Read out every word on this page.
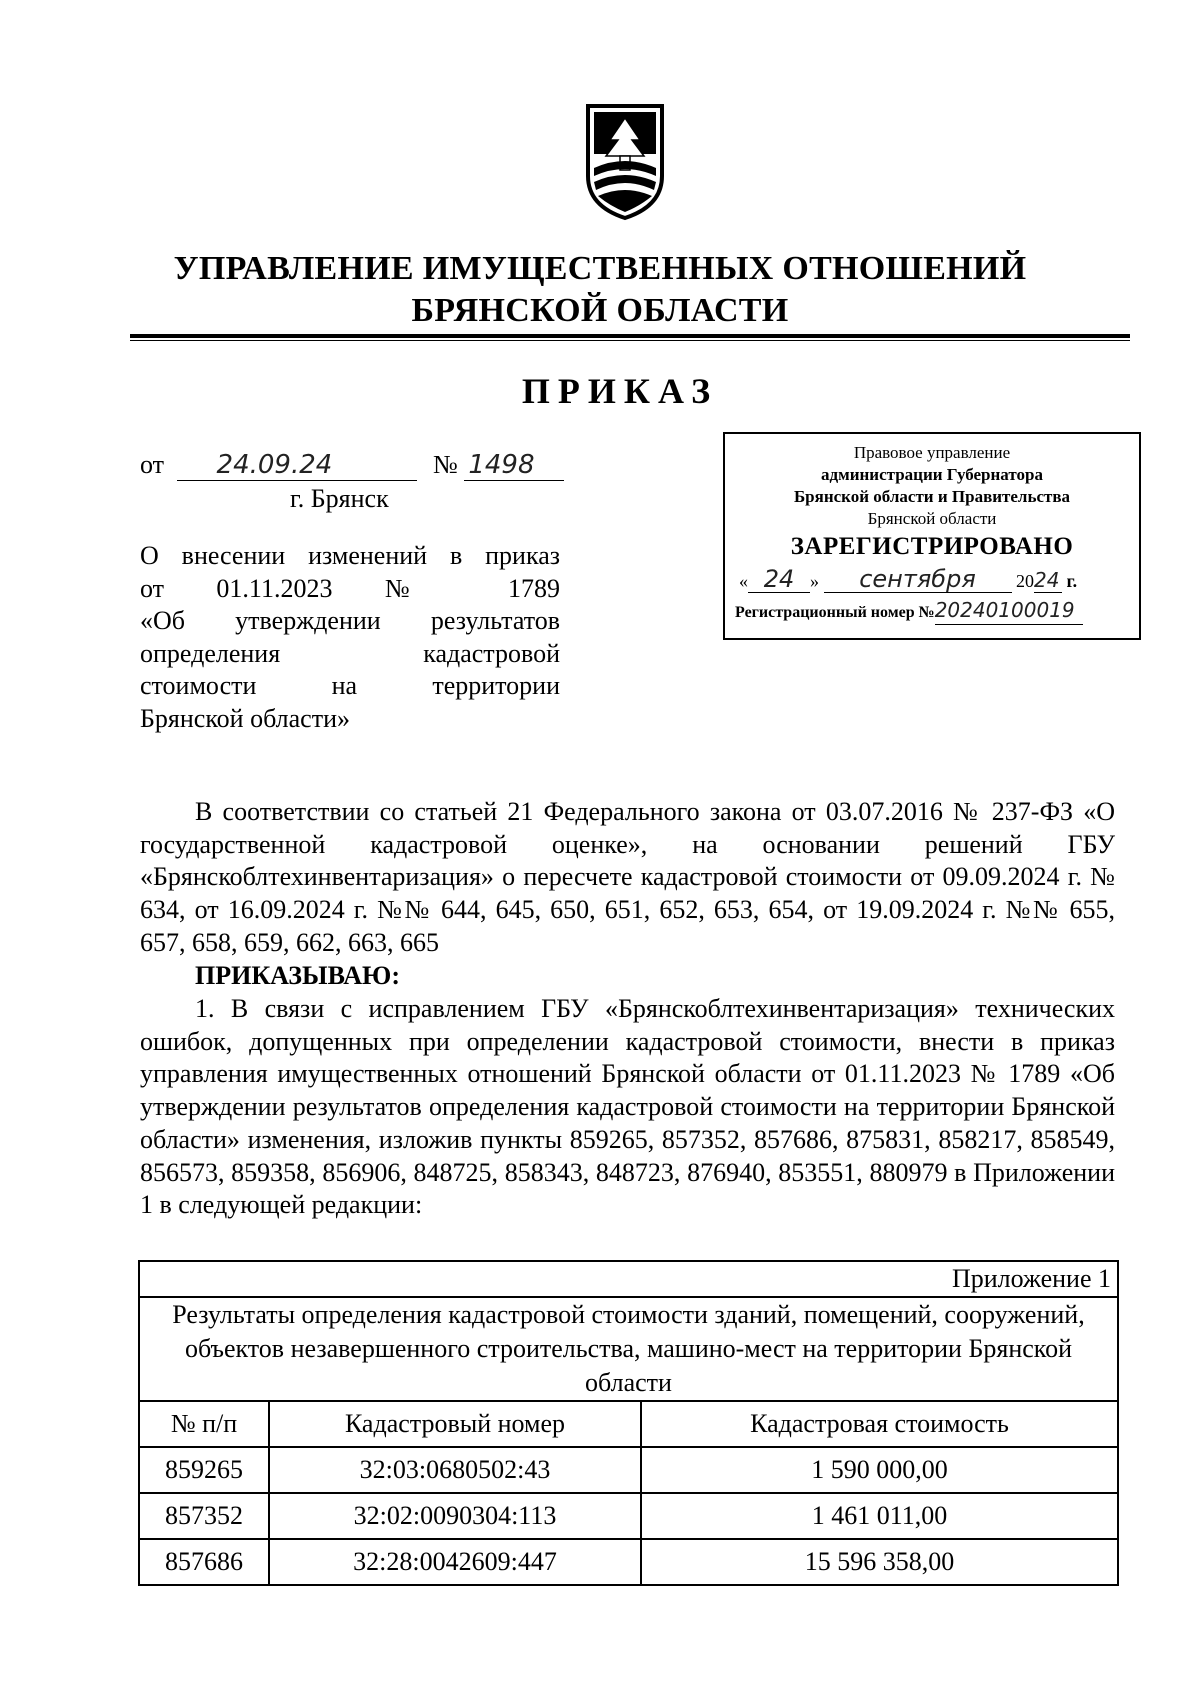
УПРАВЛЕНИЕ ИМУЩЕСТВЕННЫХ ОТНОШЕНИЙ
БРЯНСКОЙ ОБЛАСТИ
ПРИКАЗ
от 24.09.24	№ 1498
г. Брянск
Правовое управление
администрации Губернатора
Брянской области и Правительства
Брянской области
ЗАРЕГИСТРИРОВАНО
« 24 » сентября 2024 г.
Регистрационный номер №20240100019
О внесении изменений в приказ
от 01.11.2023 № 1789
«Об утверждении результатов
определения кадастровой
стоимости на территории
Брянской области»
В соответствии со статьей 21 Федерального закона от 03.07.2016 № 237-ФЗ «О государственной кадастровой оценке», на основании решений ГБУ «Брянскоблтехинвентаризация» о пересчете кадастровой стоимости от 09.09.2024 г. № 634, от 16.09.2024 г. №№ 644, 645, 650, 651, 652, 653, 654, от 19.09.2024 г. №№ 655, 657, 658, 659, 662, 663, 665
ПРИКАЗЫВАЮ:
1. В связи с исправлением ГБУ «Брянскоблтехинвентаризация» технических ошибок, допущенных при определении кадастровой стоимости, внести в приказ управления имущественных отношений Брянской области от 01.11.2023 № 1789 «Об утверждении результатов определения кадастровой стоимости на территории Брянской области» изменения, изложив пункты 859265, 857352, 857686, 875831, 858217, 858549, 856573, 859358, 856906, 848725, 858343, 848723, 876940, 853551, 880979 в Приложении 1 в следующей редакции:
Приложение 1		
Результаты определения кадастровой стоимости зданий, помещений, сооружений, объектов незавершенного строительства, машино-мест на территории Брянской области		
№ п/п	Кадастровый номер	Кадастровая стоимость
859265	32:03:0680502:43	1 590 000,00
857352	32:02:0090304:113	1 461 011,00
857686	32:28:0042609:447	15 596 358,00
